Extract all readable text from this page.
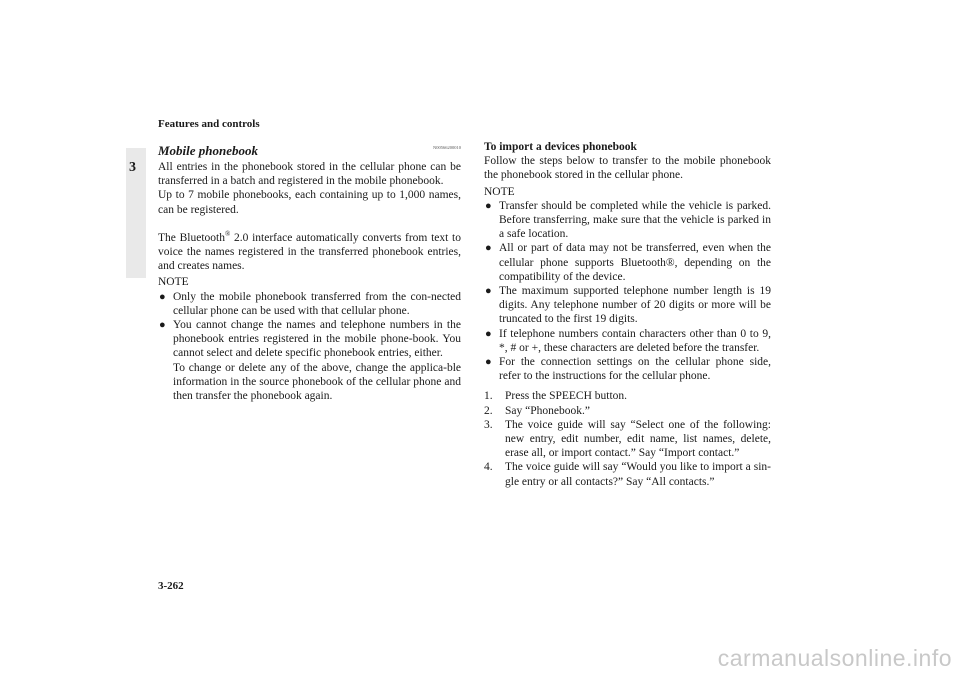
Features and controls
3
Mobile phonebook	N00566200010

All entries in the phonebook stored in the cellular phone can be transferred in a batch and registered in the mobile phonebook.

Up to 7 mobile phonebooks, each containing up to 1,000 names, can be registered.

The Bluetooth® 2.0 interface automatically converts from text to voice the names registered in the transferred phonebook entries, and creates names.

NOTE
● Only the mobile phonebook transferred from the con-nected cellular phone can be used with that cellular phone.
● You cannot change the names and telephone numbers in the phonebook entries registered in the mobile phone-book. You cannot select and delete specific phonebook entries, either.
To change or delete any of the above, change the applica-ble information in the source phonebook of the cellular phone and then transfer the phonebook again.
To import a devices phonebook

Follow the steps below to transfer to the mobile phonebook the phonebook stored in the cellular phone.

NOTE
● Transfer should be completed while the vehicle is parked. Before transferring, make sure that the vehicle is parked in a safe location.
● All or part of data may not be transferred, even when the cellular phone supports Bluetooth®, depending on the compatibility of the device.
● The maximum supported telephone number length is 19 digits. Any telephone number of 20 digits or more will be truncated to the first 19 digits.
● If telephone numbers contain characters other than 0 to 9, *, # or +, these characters are deleted before the transfer.
● For the connection settings on the cellular phone side, refer to the instructions for the cellular phone.
1. Press the SPEECH button.
2. Say “Phonebook.”
3. The voice guide will say “Select one of the following: new entry, edit number, edit name, list names, delete, erase all, or import contact.” Say “Import contact.”
4. The voice guide will say “Would you like to import a sin-gle entry or all contacts?” Say “All contacts.”
3-262
carmanualsonline.info
